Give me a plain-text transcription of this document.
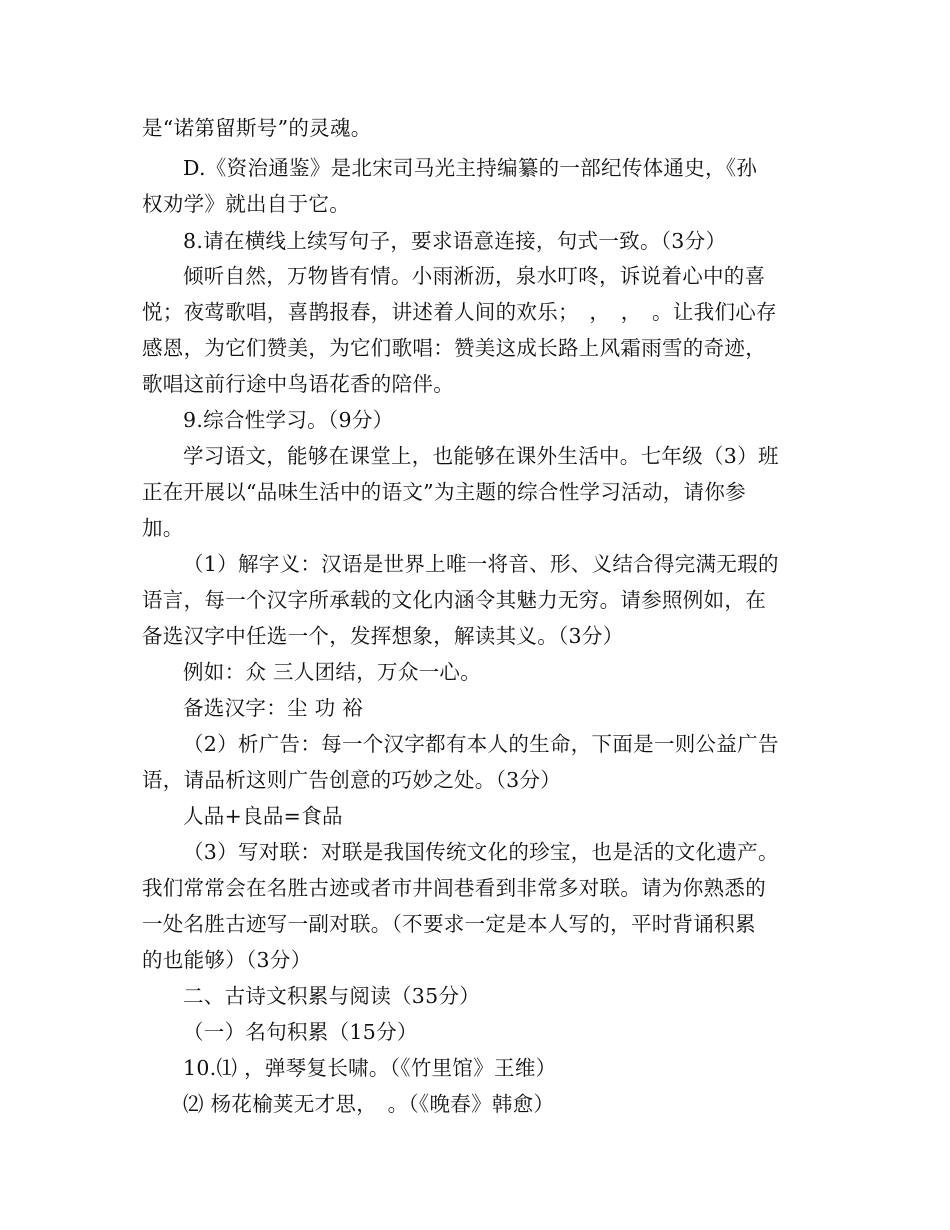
是“诺第留斯号”的灵魂。
D.《资治通鉴》是北宋司马光主持编纂的一部纪传体通史，《孙
权劝学》就出自于它。
8.请在横线上续写句子，要求语意连接，句式一致。（3分）
倾听自然，万物皆有情。小雨淅沥，泉水叮咚，诉说着心中的喜
悦；夜莺歌唱，喜鹊报春，讲述着人间的欢乐；　，　，　。让我们心存
感恩，为它们赞美，为它们歌唱：赞美这成长路上风霜雨雪的奇迹，
歌唱这前行途中鸟语花香的陪伴。
9.综合性学习。（9分）
学习语文，能够在课堂上，也能够在课外生活中。七年级（3）班
正在开展以“品味生活中的语文”为主题的综合性学习活动，请你参
加。
（1）解字义：汉语是世界上唯一将音、形、义结合得完满无瑕的
语言，每一个汉字所承载的文化内涵令其魅力无穷。请参照例如，在
备选汉字中任选一个，发挥想象，解读其义。（3分）
例如：众 三人团结，万众一心。
备选汉字：尘 功 裕
（2）析广告：每一个汉字都有本人的生命，下面是一则公益广告
语，请品析这则广告创意的巧妙之处。（3分）
人品+良品=食品
（3）写对联：对联是我国传统文化的珍宝，也是活的文化遗产。
我们常常会在名胜古迹或者市井闾巷看到非常多对联。请为你熟悉的
一处名胜古迹写一副对联。（不要求一定是本人写的，平时背诵积累
的也能够）（3分）
二、古诗文积累与阅读（35分）
（一）名句积累（15分）
10.⑴ ，弹琴复长啸。（《竹里馆》王维）
⑵ 杨花榆荚无才思，　。（《晚春》韩愈）
